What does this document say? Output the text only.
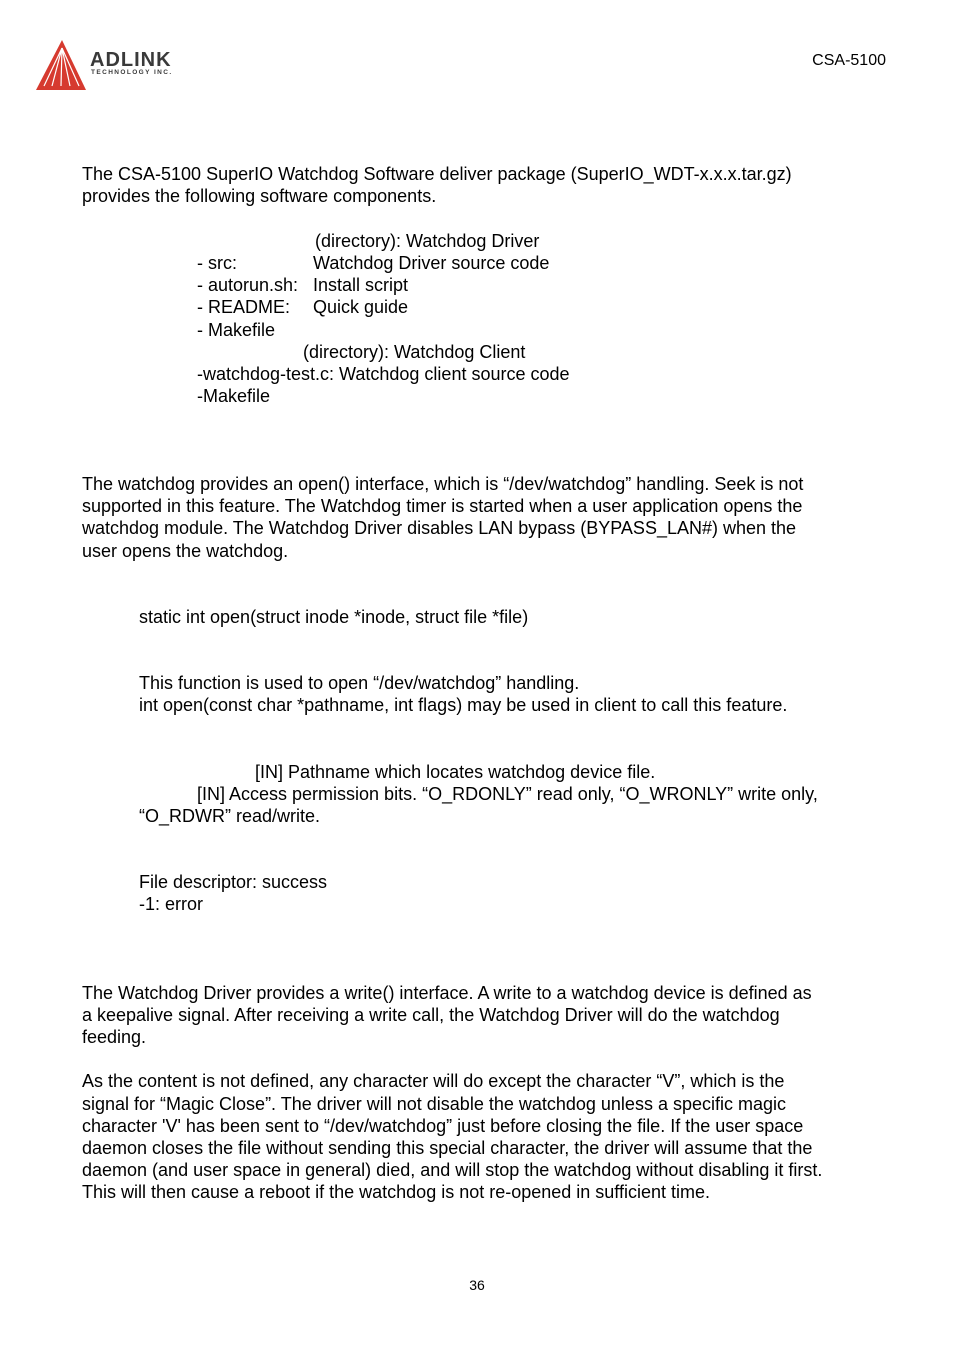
ADLINK
TECHNOLOGY INC.
CSA-5100
The CSA-5100 SuperIO Watchdog Software deliver package (SuperIO_WDT-x.x.x.tar.gz)
provides the following software components.
(directory): Watchdog Driver
- src:	Watchdog Driver source code
- autorun.sh: Install script
- README: Quick guide
- Makefile
(directory): Watchdog Client
-watchdog-test.c: Watchdog client source code
-Makefile
The watchdog provides an open() interface, which is “/dev/watchdog” handling. Seek is not
supported in this feature. The Watchdog timer is started when a user application opens the
watchdog module. The Watchdog Driver disables LAN bypass (BYPASS_LAN#) when the
user opens the watchdog.
static int open(struct inode *inode, struct file *file)
This function is used to open “/dev/watchdog” handling.
int open(const char *pathname, int flags) may be used in client to call this feature.
[IN] Pathname which locates watchdog device file.
[IN] Access permission bits. “O_RDONLY” read only, “O_WRONLY” write only,
“O_RDWR” read/write.
File descriptor: success
-1: error
The Watchdog Driver provides a write() interface. A write to a watchdog device is defined as
a keepalive signal. After receiving a write call, the Watchdog Driver will do the watchdog
feeding.
As the content is not defined, any character will do except the character “V”, which is the
signal for “Magic Close”. The driver will not disable the watchdog unless a specific magic
character 'V' has been sent to “/dev/watchdog” just before closing the file. If the user space
daemon closes the file without sending this special character, the driver will assume that the
daemon (and user space in general) died, and will stop the watchdog without disabling it first.
This will then cause a reboot if the watchdog is not re-opened in sufficient time.
36
